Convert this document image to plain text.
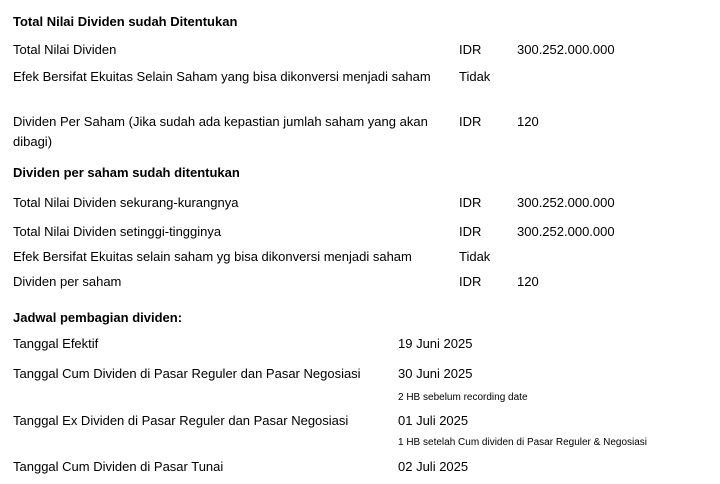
Total Nilai Dividen sudah Ditentukan
Total Nilai Dividen	IDR	300.252.000.000
Efek Bersifat Ekuitas Selain Saham yang bisa dikonversi menjadi saham	Tidak
Dividen Per Saham (Jika sudah ada kepastian jumlah saham yang akan dibagi)
IDR	120
Dividen per saham sudah ditentukan
Total Nilai Dividen sekurang-kurangnya	IDR	300.252.000.000
Total Nilai Dividen setinggi-tingginya	IDR	300.252.000.000
Efek Bersifat Ekuitas selain saham yg bisa dikonversi menjadi saham	Tidak
Dividen per saham	IDR	120
Jadwal pembagian dividen:
Tanggal Efektif	19 Juni 2025
Tanggal Cum Dividen di Pasar Reguler dan Pasar Negosiasi	30 Juni 2025
2 HB sebelum recording date
Tanggal Ex Dividen di Pasar Reguler dan Pasar Negosiasi	01 Juli 2025
1 HB setelah Cum dividen di Pasar Reguler & Negosiasi
Tanggal Cum Dividen di Pasar Tunai	02 Juli 2025
